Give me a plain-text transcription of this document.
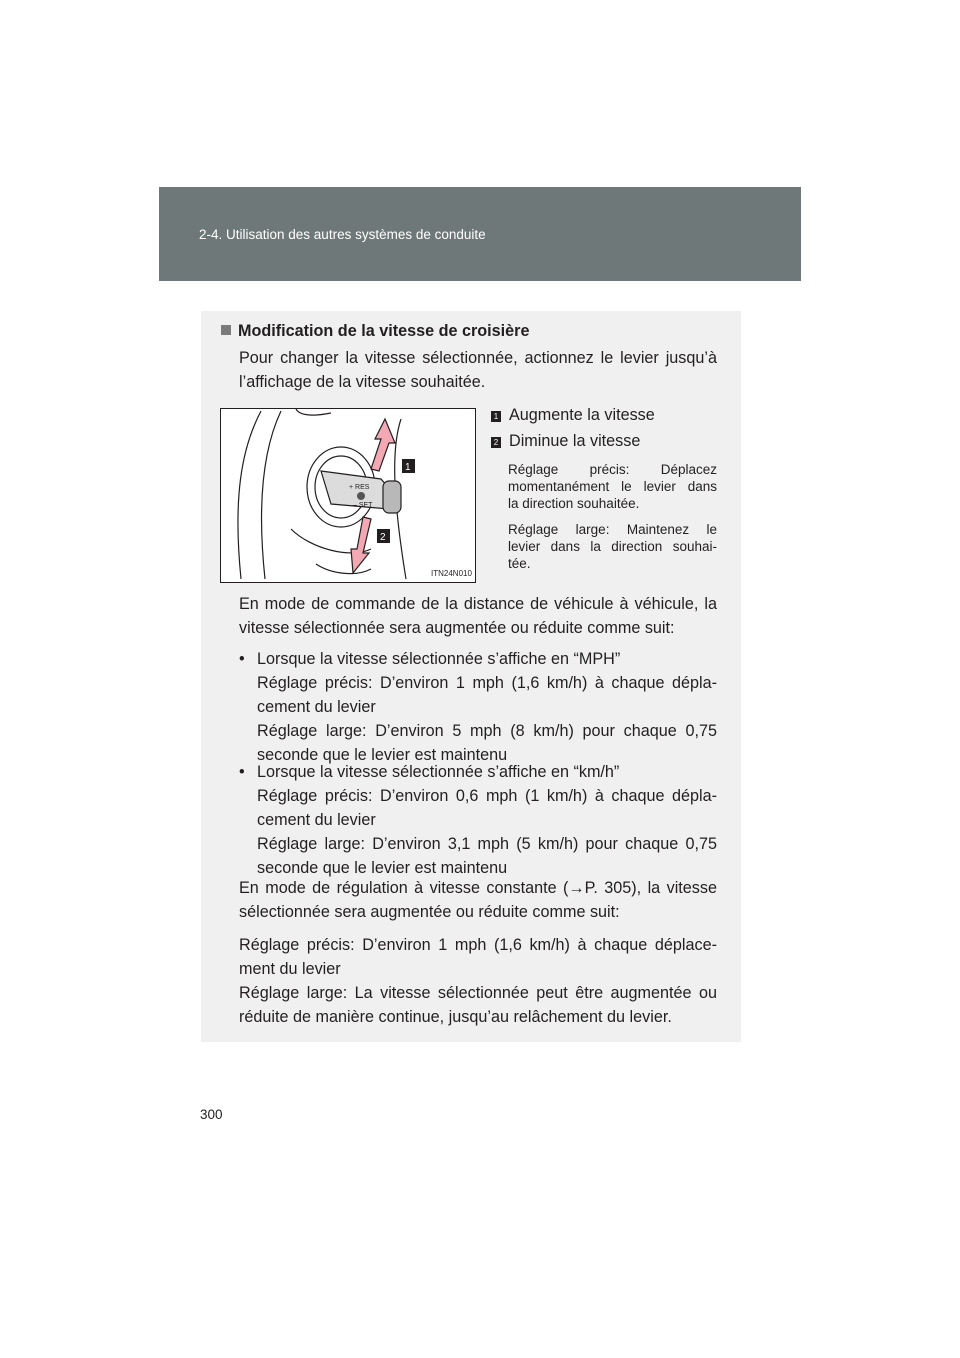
2-4. Utilisation des autres systèmes de conduite
Modification de la vitesse de croisière

Pour changer la vitesse sélectionnée, actionnez le levier jusqu’à

l’affichage de la vitesse souhaitée.

+ RES
– SET
1
2
ITN24N010
1 Augmente la vitesse
2 Diminue la vitesse

Réglage précis: Déplacez

momentanément le levier dans

la direction souhaitée.

Réglage large: Maintenez le

levier dans la direction souhai-

tée.

En mode de commande de la distance de véhicule à véhicule, la

vitesse sélectionnée sera augmentée ou réduite comme suit:

• Lorsque la vitesse sélectionnée s’affiche en “MPH”

Réglage précis: D’environ 1 mph (1,6 km/h) à chaque dépla-

cement du levier

Réglage large: D’environ 5 mph (8 km/h) pour chaque 0,75

seconde que le levier est maintenu

• Lorsque la vitesse sélectionnée s’affiche en “km/h”

Réglage précis: D’environ 0,6 mph (1 km/h) à chaque dépla-

cement du levier

Réglage large: D’environ 3,1 mph (5 km/h) pour chaque 0,75

seconde que le levier est maintenu

En mode de régulation à vitesse constante (→P. 305), la vitesse

sélectionnée sera augmentée ou réduite comme suit:

Réglage précis: D’environ 1 mph (1,6 km/h) à chaque déplace-

ment du levier

Réglage large: La vitesse sélectionnée peut être augmentée ou

réduite de manière continue, jusqu’au relâchement du levier.

300
